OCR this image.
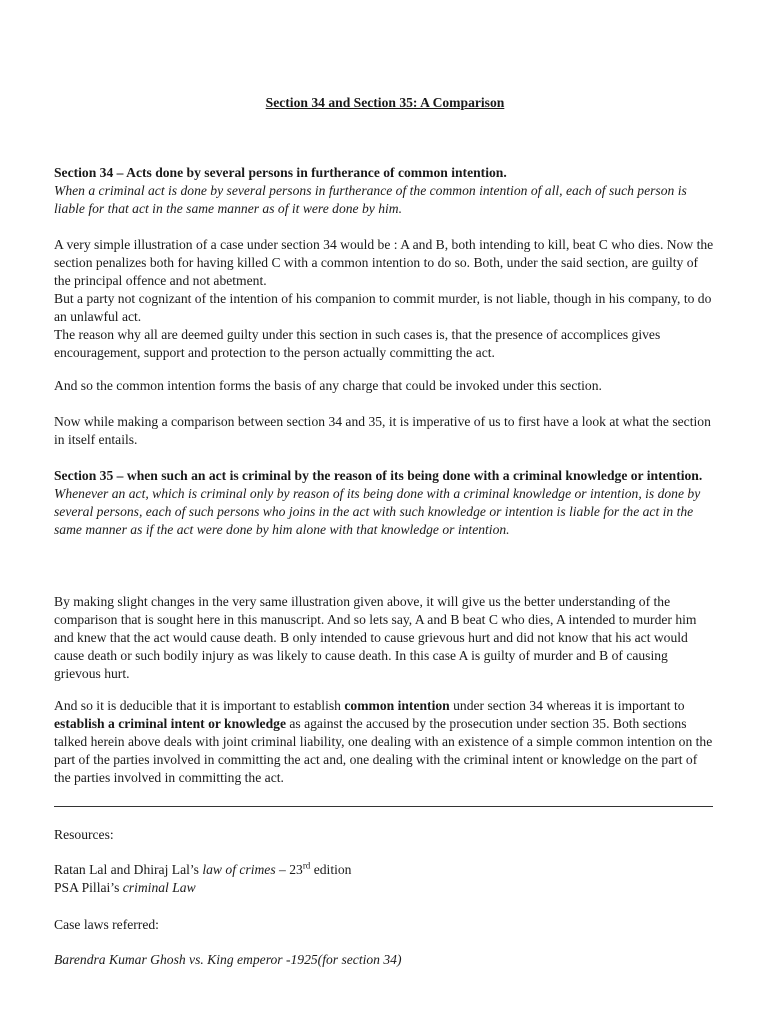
Section 34 and Section 35: A Comparison

Section 34 – Acts done by several persons in furtherance of common intention.

When a criminal act is done by several persons in furtherance of the common intention of all, each of such person is liable for that act in the same manner as of it were done by him.

A very simple illustration of a case under section 34 would be : A and B, both intending to kill, beat C who dies. Now the section penalizes both for having killed C with a common intention to do so. Both, under the said section, are guilty of the principal offence and not abetment.

But a party not cognizant of the intention of his companion to commit murder, is not liable, though in his company, to do an unlawful act.

The reason why all are deemed guilty under this section in such cases is, that the presence of accomplices gives encouragement, support and protection to the person actually committing the act.

And so the common intention forms the basis of any charge that could be invoked under this section.

Now while making a comparison between section 34 and 35, it is imperative of us to first have a look at what the section in itself entails.

Section 35 – when such an act is criminal by the reason of its being done with a criminal knowledge or intention.

Whenever an act, which is criminal only by reason of its being done with a criminal knowledge or intention, is done by several persons, each of such persons who joins in the act with such knowledge or intention is liable for the act in the same manner as if the act were done by him alone with that knowledge or intention.

By making slight changes in the very same illustration given above, it will give us the better understanding of the comparison that is sought here in this manuscript. And so lets say, A and B beat C who dies, A intended to murder him and knew that the act would cause death. B only intended to cause grievous hurt and did not know that his act would cause death or such bodily injury as was likely to cause death. In this case A is guilty of murder and B of causing grievous hurt.

And so it is deducible that it is important to establish common intention under section 34 whereas it is important to establish a criminal intent or knowledge as against the accused by the prosecution under section 35. Both sections talked herein above deals with joint criminal liability, one dealing with an existence of a simple common intention on the part of the parties involved in committing the act and, one dealing with the criminal intent or knowledge on the part of the parties involved in committing the act.

Resources:

Ratan Lal and Dhiraj Lal’s law of crimes – 23rd edition

PSA Pillai’s criminal Law

Case laws referred:

Barendra Kumar Ghosh vs. King emperor -1925(for section 34)
